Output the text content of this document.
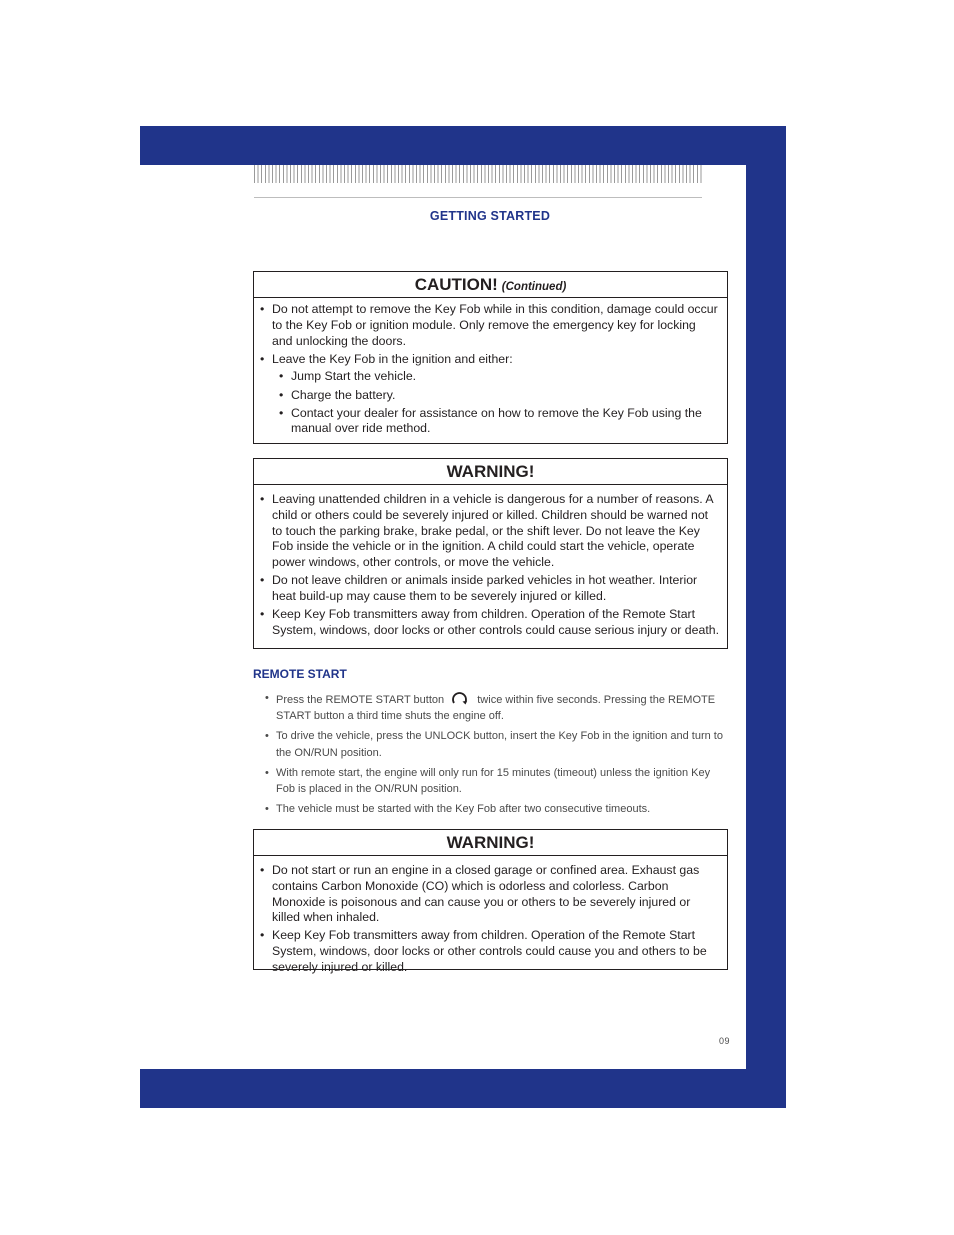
GETTING STARTED
CAUTION! (Continued)
• Do not attempt to remove the Key Fob while in this condition, damage could occur to the Key Fob or ignition module. Only remove the emergency key for locking and unlocking the doors.
• Leave the Key Fob in the ignition and either:
• Jump Start the vehicle.
• Charge the battery.
• Contact your dealer for assistance on how to remove the Key Fob using the manual over ride method.
WARNING!
• Leaving unattended children in a vehicle is dangerous for a number of reasons. A child or others could be severely injured or killed. Children should be warned not to touch the parking brake, brake pedal, or the shift lever. Do not leave the Key Fob inside the vehicle or in the ignition. A child could start the vehicle, operate power windows, other controls, or move the vehicle.
• Do not leave children or animals inside parked vehicles in hot weather. Interior heat build-up may cause them to be severely injured or killed.
• Keep Key Fob transmitters away from children. Operation of the Remote Start System, windows, door locks or other controls could cause serious injury or death.
REMOTE START
• Press the REMOTE START button	twice within five seconds. Pressing the REMOTE START button a third time shuts the engine off.
• To drive the vehicle, press the UNLOCK button, insert the Key Fob in the ignition and turn to the ON/RUN position.
• With remote start, the engine will only run for 15 minutes (timeout) unless the ignition Key Fob is placed in the ON/RUN position.
• The vehicle must be started with the Key Fob after two consecutive timeouts.
WARNING!
• Do not start or run an engine in a closed garage or confined area. Exhaust gas contains Carbon Monoxide (CO) which is odorless and colorless. Carbon Monoxide is poisonous and can cause you or others to be severely injured or killed when inhaled.
• Keep Key Fob transmitters away from children. Operation of the Remote Start System, windows, door locks or other controls could cause you and others to be severely injured or killed.
09
